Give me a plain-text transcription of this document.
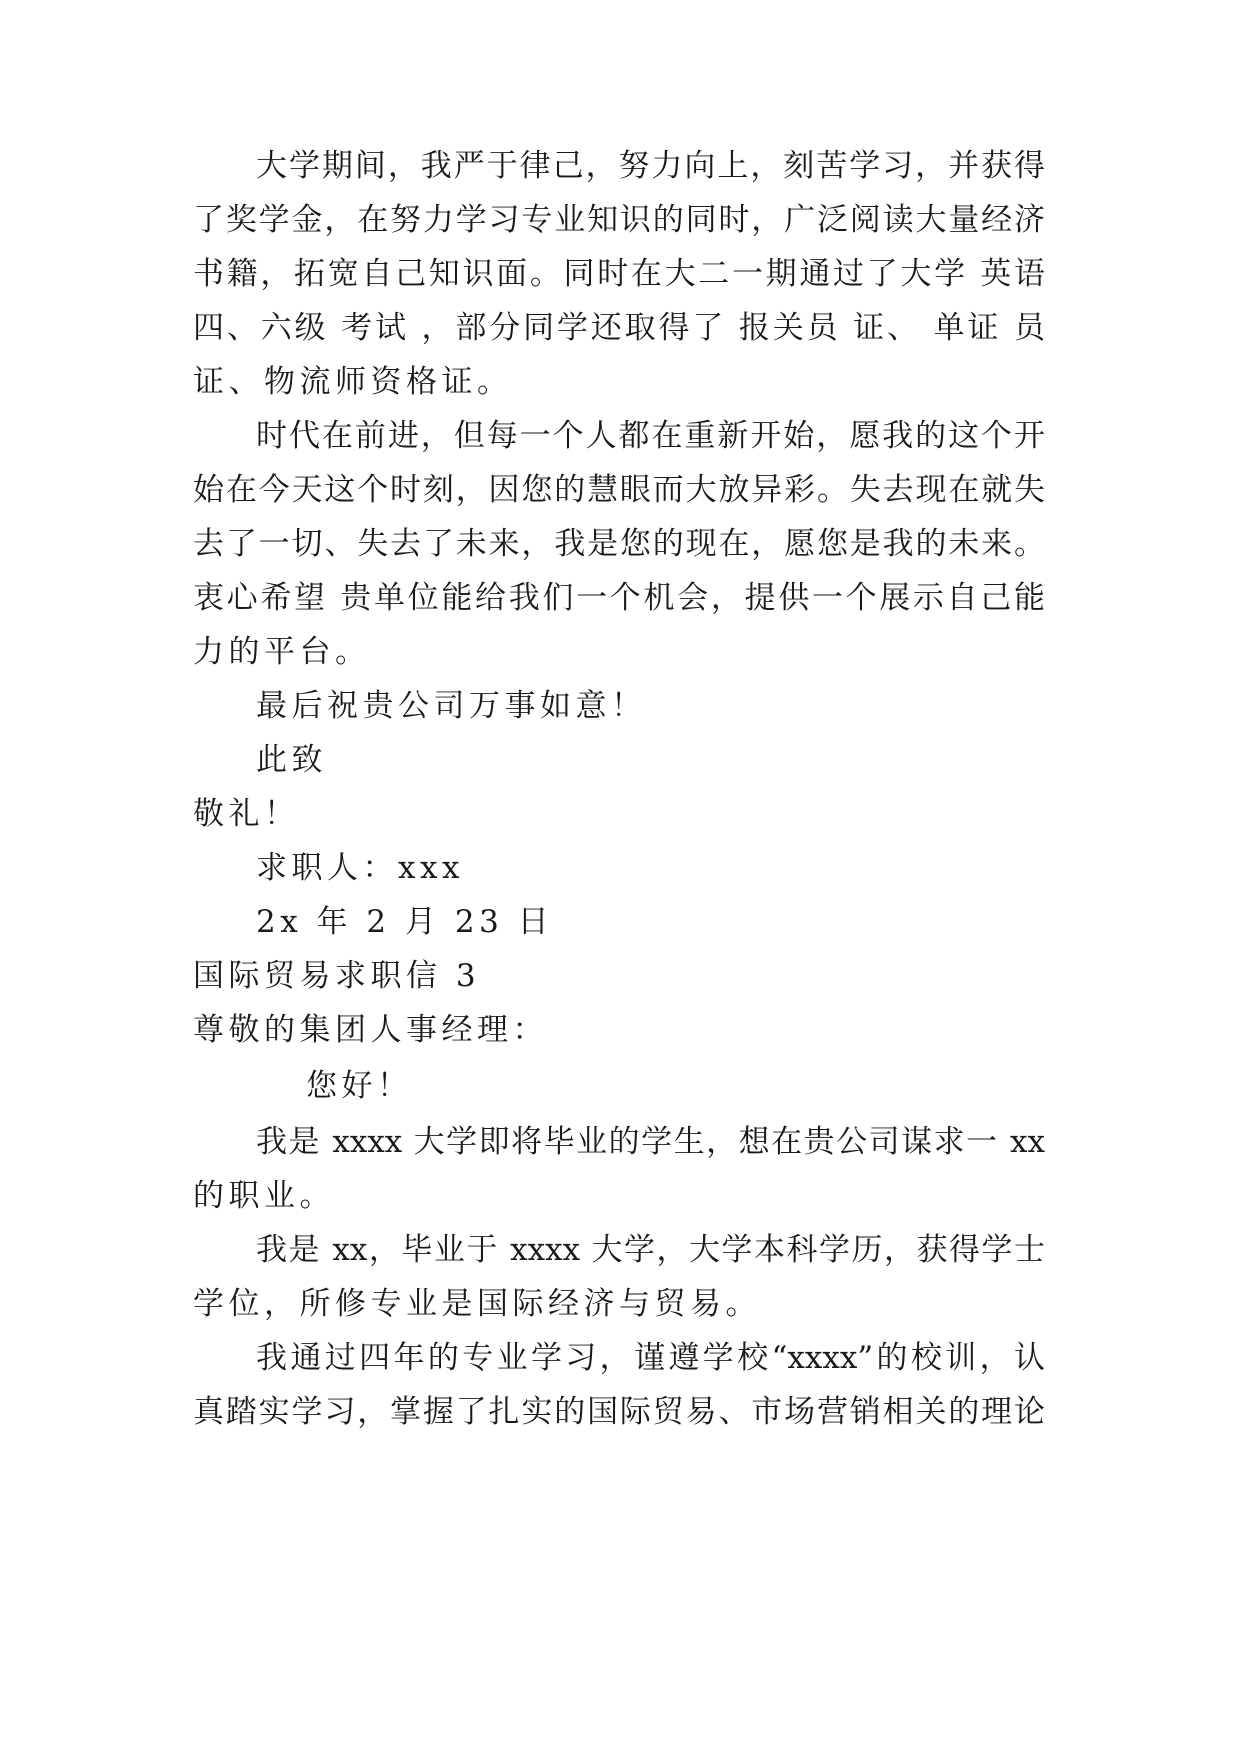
大学期间，我严于律己，努力向上，刻苦学习，并获得
了奖学金，在努力学习专业知识的同时，广泛阅读大量经济
书籍，拓宽自己知识面。同时在大二一期通过了大学 英语
四、六级 考试 ，部分同学还取得了 报关员 证、 单证 员
证、物流师资格证。
时代在前进，但每一个人都在重新开始，愿我的这个开
始在今天这个时刻，因您的慧眼而大放异彩。失去现在就失
去了一切、失去了未来，我是您的现在，愿您是我的未来。
衷心希望 贵单位能给我们一个机会，提供一个展示自己能
力的平台。
最后祝贵公司万事如意！
此致
敬礼！
求职人：xxx
2x 年 2 月 23 日
国际贸易求职信 3
尊敬的集团人事经理：
您好！
我是 xxxx 大学即将毕业的学生，想在贵公司谋求一 xx
的职业。
我是 xx，毕业于 xxxx 大学，大学本科学历，获得学士
学位，所修专业是国际经济与贸易。
我通过四年的专业学习，谨遵学校“xxxx”的校训，认
真踏实学习，掌握了扎实的国际贸易、市场营销相关的理论
